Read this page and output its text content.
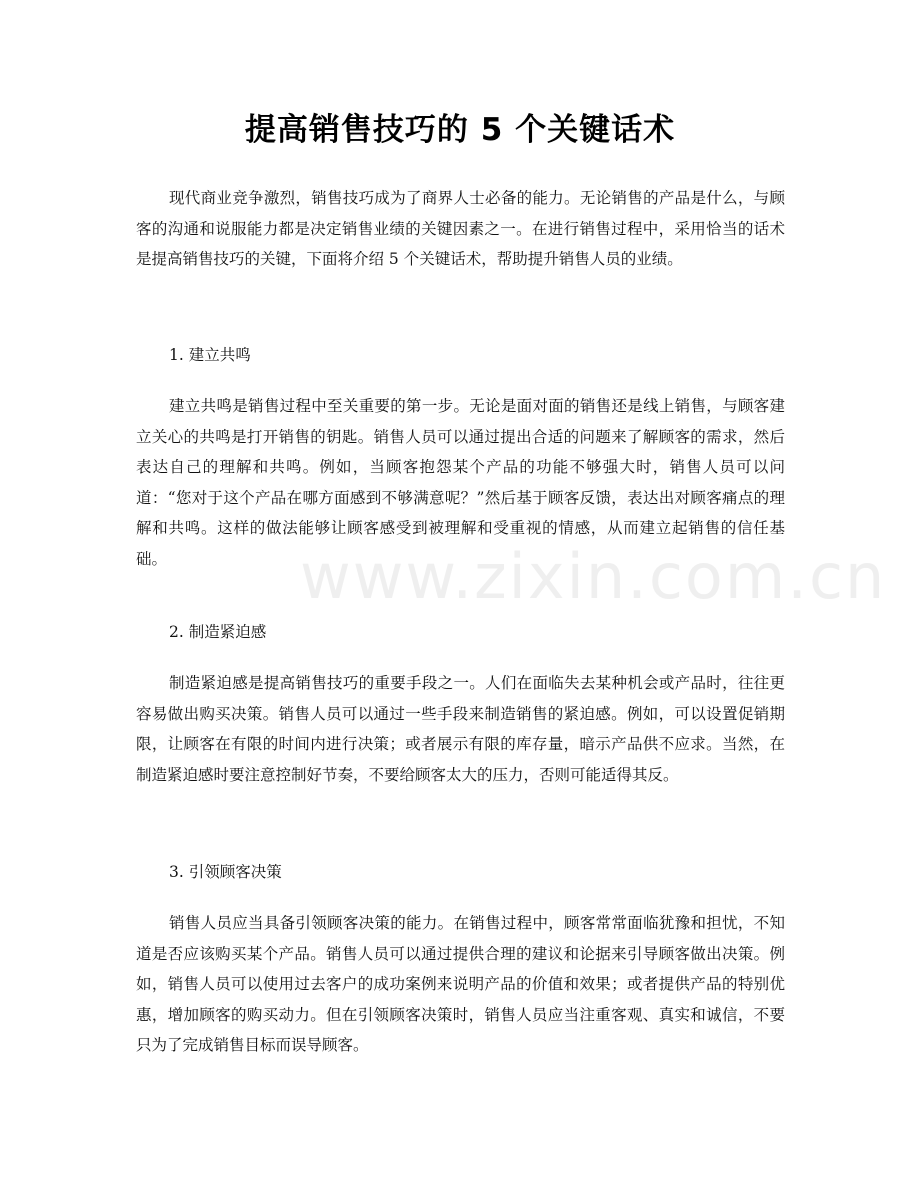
提高销售技巧的 5 个关键话术

现代商业竞争激烈，销售技巧成为了商界人士必备的能力。无论销售的产品是什么，与顾客的沟通和说服能力都是决定销售业绩的关键因素之一。在进行销售过程中，采用恰当的话术是提高销售技巧的关键，下面将介绍 5 个关键话术，帮助提升销售人员的业绩。

1. 建立共鸣

建立共鸣是销售过程中至关重要的第一步。无论是面对面的销售还是线上销售，与顾客建立关心的共鸣是打开销售的钥匙。销售人员可以通过提出合适的问题来了解顾客的需求，然后表达自己的理解和共鸣。例如，当顾客抱怨某个产品的功能不够强大时，销售人员可以问道：“您对于这个产品在哪方面感到不够满意呢？”然后基于顾客反馈，表达出对顾客痛点的理解和共鸣。这样的做法能够让顾客感受到被理解和受重视的情感，从而建立起销售的信任基础。

2. 制造紧迫感

制造紧迫感是提高销售技巧的重要手段之一。人们在面临失去某种机会或产品时，往往更容易做出购买决策。销售人员可以通过一些手段来制造销售的紧迫感。例如，可以设置促销期限，让顾客在有限的时间内进行决策；或者展示有限的库存量，暗示产品供不应求。当然，在制造紧迫感时要注意控制好节奏，不要给顾客太大的压力，否则可能适得其反。

3. 引领顾客决策

销售人员应当具备引领顾客决策的能力。在销售过程中，顾客常常面临犹豫和担忧，不知道是否应该购买某个产品。销售人员可以通过提供合理的建议和论据来引导顾客做出决策。例如，销售人员可以使用过去客户的成功案例来说明产品的价值和效果；或者提供产品的特别优惠，增加顾客的购买动力。但在引领顾客决策时，销售人员应当注重客观、真实和诚信，不要只为了完成销售目标而误导顾客。

www.zixin.com.cn
